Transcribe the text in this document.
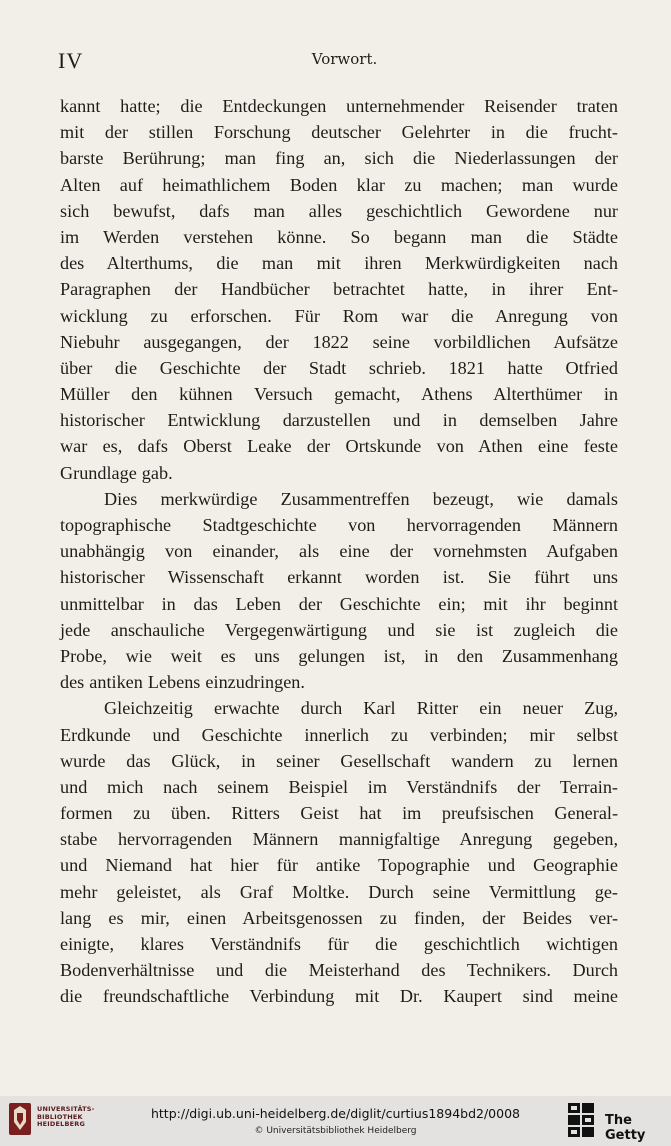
IV	Vorwort.
kannt hatte; die Entdeckungen unternehmender Reisender traten
mit der stillen Forschung deutscher Gelehrter in die frucht-
barste Berührung; man fing an, sich die Niederlassungen der
Alten auf heimathlichem Boden klar zu machen; man wurde
sich bewufst, dafs man alles geschichtlich Gewordene nur
im Werden verstehen könne. So begann man die Städte
des Alterthums, die man mit ihren Merkwürdigkeiten nach
Paragraphen der Handbücher betrachtet hatte, in ihrer Ent-
wicklung zu erforschen. Für Rom war die Anregung von
Niebuhr ausgegangen, der 1822 seine vorbildlichen Aufsätze
über die Geschichte der Stadt schrieb. 1821 hatte Otfried
Müller den kühnen Versuch gemacht, Athens Alterthümer in
historischer Entwicklung darzustellen und in demselben Jahre
war es, dafs Oberst Leake der Ortskunde von Athen eine feste
Grundlage gab.
Dies merkwürdige Zusammentreffen bezeugt, wie damals
topographische Stadtgeschichte von hervorragenden Männern
unabhängig von einander, als eine der vornehmsten Aufgaben
historischer Wissenschaft erkannt worden ist. Sie führt uns
unmittelbar in das Leben der Geschichte ein; mit ihr beginnt
jede anschauliche Vergegenwärtigung und sie ist zugleich die
Probe, wie weit es uns gelungen ist, in den Zusammenhang
des antiken Lebens einzudringen.
Gleichzeitig erwachte durch Karl Ritter ein neuer Zug,
Erdkunde und Geschichte innerlich zu verbinden; mir selbst
wurde das Glück, in seiner Gesellschaft wandern zu lernen
und mich nach seinem Beispiel im Verständnifs der Terrain-
formen zu üben. Ritters Geist hat im preufsischen General-
stabe hervorragenden Männern mannigfaltige Anregung gegeben,
und Niemand hat hier für antike Topographie und Geographie
mehr geleistet, als Graf Moltke. Durch seine Vermittlung ge-
lang es mir, einen Arbeitsgenossen zu finden, der Beides ver-
einigte, klares Verständnifs für die geschichtlich wichtigen
Bodenverhältnisse und die Meisterhand des Technikers. Durch
die freundschaftliche Verbindung mit Dr. Kaupert sind meine
UNIVERSITÄTS-
BIBLIOTHEK
HEIDELBERG
http://digi.ub.uni-heidelberg.de/diglit/curtius1894bd2/0008
© Universitätsbibliothek Heidelberg
The Getty
